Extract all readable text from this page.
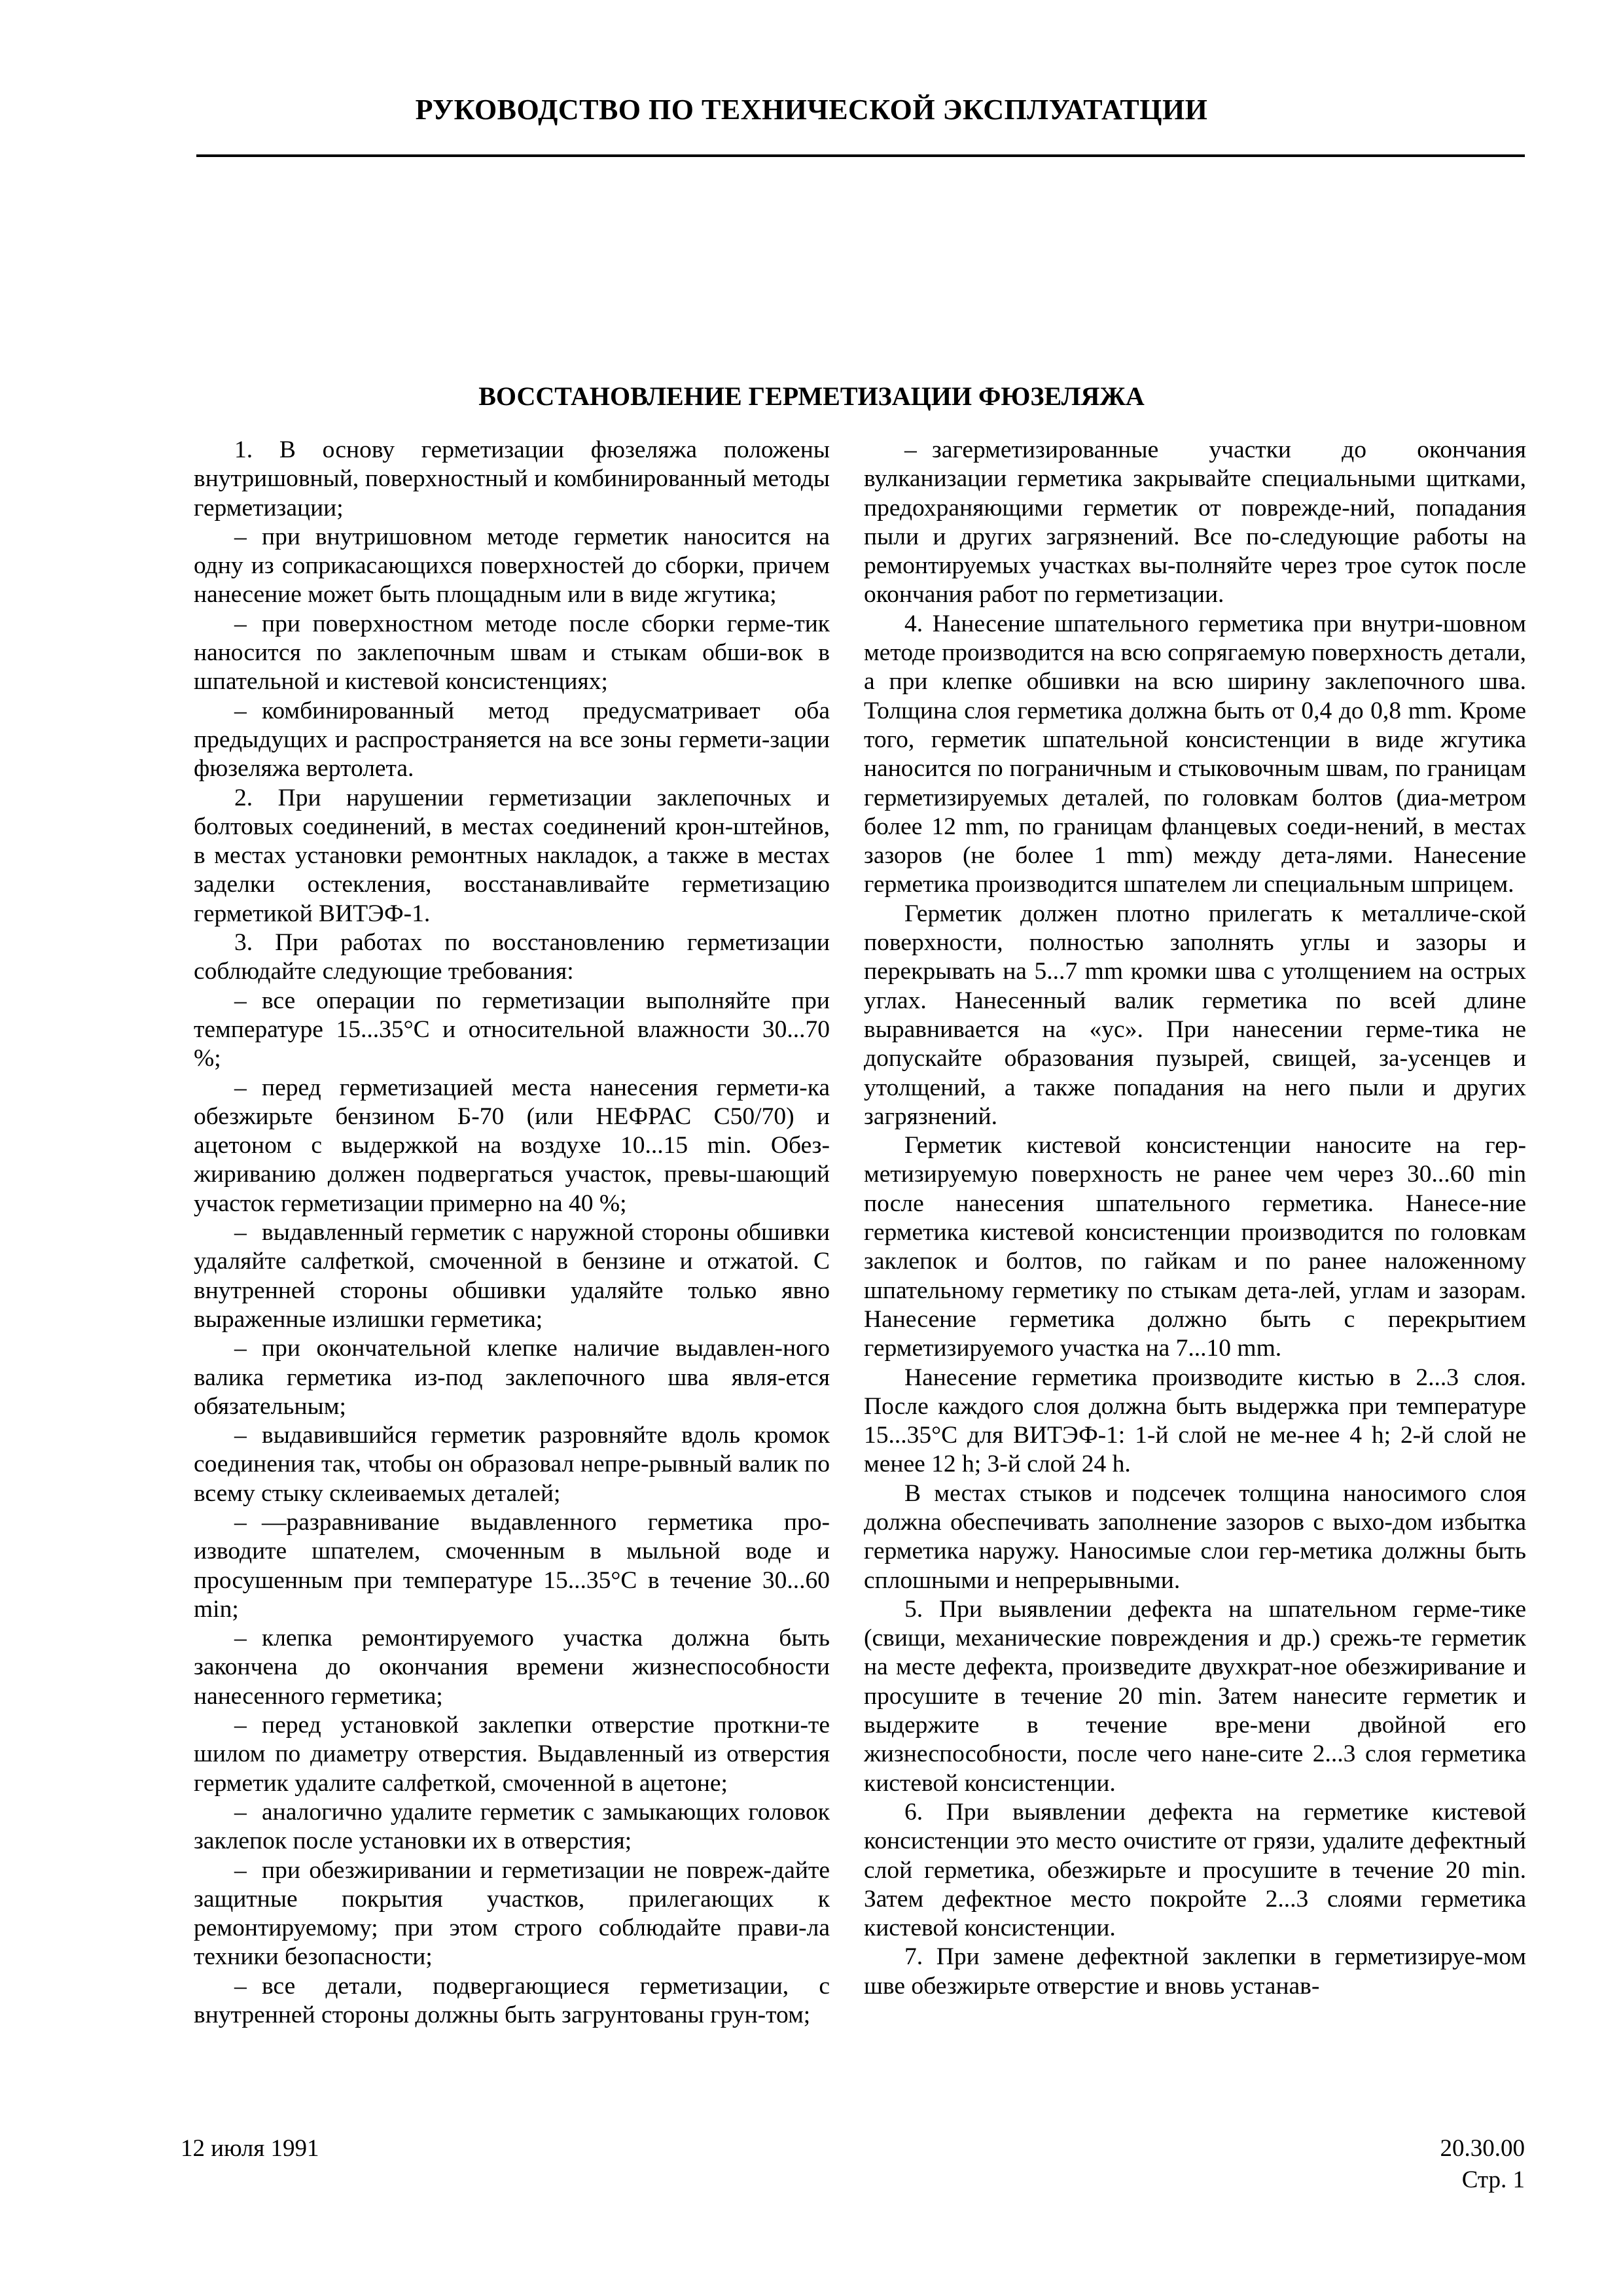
РУКОВОДСТВО ПО ТЕХНИЧЕСКОЙ ЭКСПЛУАТАТЦИИ
ВОССТАНОВЛЕНИЕ ГЕРМЕТИЗАЦИИ ФЮЗЕЛЯЖА

1. В основу герметизации фюзеляжа положены внутришовный, поверхностный и комбинированный методы герметизации;

– при внутришовном методе герметик наносится на одну из соприкасающихся поверхностей до сборки, причем нанесение может быть площадным или в виде жгутика;

– при поверхностном методе после сборки герме-тик наносится по заклепочным швам и стыкам обши-вок в шпательной и кистевой консистенциях;

– комбинированный метод предусматривает оба предыдущих и распространяется на все зоны гермети-зации фюзеляжа вертолета.

2. При нарушении герметизации заклепочных и болтовых соединений, в местах соединений крон-штейнов, в местах установки ремонтных накладок, а также в местах заделки остекления, восстанавливайте герметизацию герметикой ВИТЭФ-1.

3. При работах по восстановлению герметизации соблюдайте следующие требования:

– все операции по герметизации выполняйте при температуре 15...35°С и относительной влажности 30...70 %;

– перед герметизацией места нанесения гермети-ка обезжирьте бензином Б-70 (или НЕФРАС С50/70) и ацетоном с выдержкой на воздухе 10...15 min. Обез-жириванию должен подвергаться участок, превы-шающий участок герметизации примерно на 40 %;

– выдавленный герметик с наружной стороны обшивки удаляйте салфеткой, смоченной в бензине и отжатой. С внутренней стороны обшивки удаляйте только явно выраженные излишки герметика;

– при окончательной клепке наличие выдавлен-ного валика герметика из-под заклепочного шва явля-ется обязательным;

– выдавившийся герметик разровняйте вдоль кромок соединения так, чтобы он образовал непре-рывный валик по всему стыку склеиваемых деталей;

– —разравнивание выдавленного герметика про-изводите шпателем, смоченным в мыльной воде и просушенным при температуре 15...35°С в течение 30...60 min;

– клепка ремонтируемого участка должна быть закончена до окончания времени жизнеспособности нанесенного герметика;

– перед установкой заклепки отверстие проткни-те шилом по диаметру отверстия. Выдавленный из отверстия герметик удалите салфеткой, смоченной в ацетоне;

– аналогично удалите герметик с замыкающих головок заклепок после установки их в отверстия;

– при обезжиривании и герметизации не повреж-дайте защитные покрытия участков, прилегающих к ремонтируемому; при этом строго соблюдайте прави-ла техники безопасности;

– все детали, подвергающиеся герметизации, с внутренней стороны должны быть загрунтованы грун-том;

– загерметизированные участки до окончания вулканизации герметика закрывайте специальными щитками, предохраняющими герметик от поврежде-ний, попадания пыли и других загрязнений. Все по-следующие работы на ремонтируемых участках вы-полняйте через трое суток после окончания работ по герметизации.

4. Нанесение шпательного герметика при внутри-шовном методе производится на всю сопрягаемую поверхность детали, а при клепке обшивки на всю ширину заклепочного шва. Толщина слоя герметика должна быть от 0,4 до 0,8 mm. Кроме того, герметик шпательной консистенции в виде жгутика наносится по пограничным и стыковочным швам, по границам герметизируемых деталей, по головкам болтов (диа-метром более 12 mm, по границам фланцевых соеди-нений, в местах зазоров (не более 1 mm) между дета-лями. Нанесение герметика производится шпателем ли специальным шприцем.

Герметик должен плотно прилегать к металличе-ской поверхности, полностью заполнять углы и зазоры и перекрывать на 5...7 mm кромки шва с утолщением на острых углах. Нанесенный валик герметика по всей длине выравнивается на «ус». При нанесении герме-тика не допускайте образования пузырей, свищей, за-усенцев и утолщений, а также попадания на него пыли и других загрязнений.

Герметик кистевой консистенции наносите на гер-метизируемую поверхность не ранее чем через 30...60 min после нанесения шпательного герметика. Нанесе-ние герметика кистевой консистенции производится по головкам заклепок и болтов, по гайкам и по ранее наложенному шпательному герметику по стыкам дета-лей, углам и зазорам. Нанесение герметика должно быть с перекрытием герметизируемого участка на 7...10 mm.

Нанесение герметика производите кистью в 2...3 слоя. После каждого слоя должна быть выдержка при температуре 15...35°С для ВИТЭФ-1: 1-й слой не ме-нее 4 h; 2-й слой не менее 12 h; 3-й слой 24 h.

В местах стыков и подсечек толщина наносимого слоя должна обеспечивать заполнение зазоров с выхо-дом избытка герметика наружу. Наносимые слои гер-метика должны быть сплошными и непрерывными.

5. При выявлении дефекта на шпательном герме-тике (свищи, механические повреждения и др.) срежь-те герметик на месте дефекта, произведите двухкрат-ное обезжиривание и просушите в течение 20 min. Затем нанесите герметик и выдержите в течение вре-мени двойной его жизнеспособности, после чего нане-сите 2...3 слоя герметика кистевой консистенции.

6. При выявлении дефекта на герметике кистевой консистенции это место очистите от грязи, удалите дефектный слой герметика, обезжирьте и просушите в течение 20 min. Затем дефектное место покройте 2...3 слоями герметика кистевой консистенции.

7. При замене дефектной заклепки в герметизируе-мом шве обезжирьте отверстие и вновь устанав-

12 июля 1991	20.30.00
Стр. 1
